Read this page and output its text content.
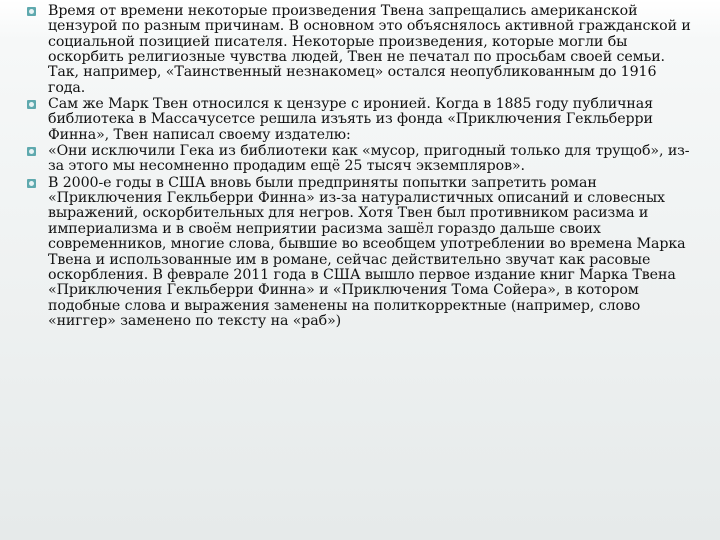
Время от времени некоторые произведения Твена запрещались американской цензурой по разным причинам. В основном это объяснялось активной гражданской и социальной позицией писателя. Некоторые произведения, которые могли бы оскорбить религиозные чувства людей, Твен не печатал по просьбам своей семьи. Так, например, «Таинственный незнакомец» остался неопубликованным до 1916 года.
Сам же Марк Твен относился к цензуре с иронией. Когда в 1885 году публичная библиотека в Массачусетсе решила изъять из фонда «Приключения Гекльберри Финна», Твен написал своему издателю:
«Они исключили Гека из библиотеки как «мусор, пригодный только для трущоб», из-за этого мы несомненно продадим ещё 25 тысяч экземпляров».
В 2000-е годы в США вновь были предприняты попытки запретить роман «Приключения Гекльберри Финна» из-за натуралистичных описаний и словесных выражений, оскорбительных для негров. Хотя Твен был противником расизма и империализма и в своём неприятии расизма зашёл гораздо дальше своих современников, многие слова, бывшие во всеобщем употреблении во времена Марка Твена и использованные им в романе, сейчас действительно звучат как расовые оскорбления. В феврале 2011 года в США вышло первое издание книг Марка Твена «Приключения Гекльберри Финна» и «Приключения Тома Сойера», в котором подобные слова и выражения заменены на политкорректные (например, слово «ниггер» заменено по тексту на «раб»)
